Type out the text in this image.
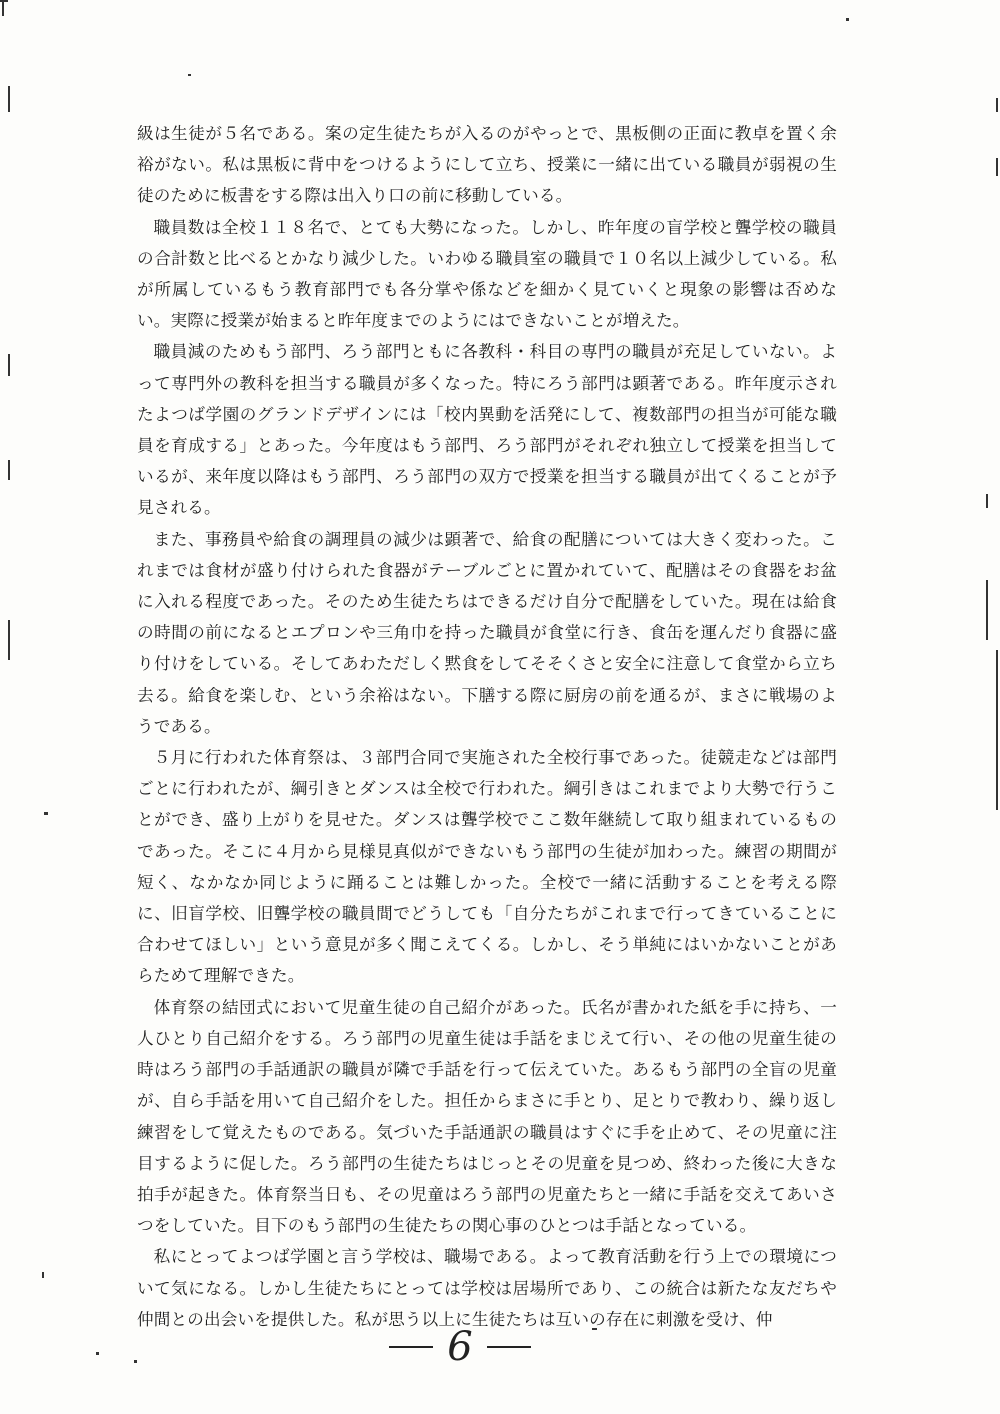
級は生徒が５名である。案の定生徒たちが入るのがやっとで、黒板側の正面に教卓を置く余裕がない。私は黒板に背中をつけるようにして立ち、授業に一緒に出ている職員が弱視の生徒のために板書をする際は出入り口の前に移動している。

職員数は全校１１８名で、とても大勢になった。しかし、昨年度の盲学校と聾学校の職員の合計数と比べるとかなり減少した。いわゆる職員室の職員で１０名以上減少している。私が所属しているもう教育部門でも各分掌や係などを細かく見ていくと現象の影響は否めない。実際に授業が始まると昨年度までのようにはできないことが増えた。

職員減のためもう部門、ろう部門ともに各教科・科目の専門の職員が充足していない。よって専門外の教科を担当する職員が多くなった。特にろう部門は顕著である。昨年度示されたよつば学園のグランドデザインには「校内異動を活発にして、複数部門の担当が可能な職員を育成する」とあった。今年度はもう部門、ろう部門がそれぞれ独立して授業を担当しているが、来年度以降はもう部門、ろう部門の双方で授業を担当する職員が出てくることが予見される。

また、事務員や給食の調理員の減少は顕著で、給食の配膳については大きく変わった。これまでは食材が盛り付けられた食器がテーブルごとに置かれていて、配膳はその食器をお盆に入れる程度であった。そのため生徒たちはできるだけ自分で配膳をしていた。現在は給食の時間の前になるとエプロンや三角巾を持った職員が食堂に行き、食缶を運んだり食器に盛り付けをしている。そしてあわただしく黙食をしてそそくさと安全に注意して食堂から立ち去る。給食を楽しむ、という余裕はない。下膳する際に厨房の前を通るが、まさに戦場のようである。

５月に行われた体育祭は、３部門合同で実施された全校行事であった。徒競走などは部門ごとに行われたが、綱引きとダンスは全校で行われた。綱引きはこれまでより大勢で行うことができ、盛り上がりを見せた。ダンスは聾学校でここ数年継続して取り組まれているものであった。そこに４月から見様見真似ができないもう部門の生徒が加わった。練習の期間が短く、なかなか同じように踊ることは難しかった。全校で一緒に活動することを考える際に、旧盲学校、旧聾学校の職員間でどうしても「自分たちがこれまで行ってきていることに合わせてほしい」という意見が多く聞こえてくる。しかし、そう単純にはいかないことがあらためて理解できた。

体育祭の結団式において児童生徒の自己紹介があった。氏名が書かれた紙を手に持ち、一人ひとり自己紹介をする。ろう部門の児童生徒は手話をまじえて行い、その他の児童生徒の時はろう部門の手話通訳の職員が隣で手話を行って伝えていた。あるもう部門の全盲の児童が、自ら手話を用いて自己紹介をした。担任からまさに手とり、足とりで教わり、繰り返し練習をして覚えたものである。気づいた手話通訳の職員はすぐに手を止めて、その児童に注目するように促した。ろう部門の生徒たちはじっとその児童を見つめ、終わった後に大きな拍手が起きた。体育祭当日も、その児童はろう部門の児童たちと一緒に手話を交えてあいさつをしていた。目下のもう部門の生徒たちの関心事のひとつは手話となっている。

私にとってよつば学園と言う学校は、職場である。よって教育活動を行う上での環境について気になる。しかし生徒たちにとっては学校は居場所であり、この統合は新たな友だちや仲間との出会いを提供した。私が思う以上に生徒たちは互いの存在に刺激を受け、仲

6
